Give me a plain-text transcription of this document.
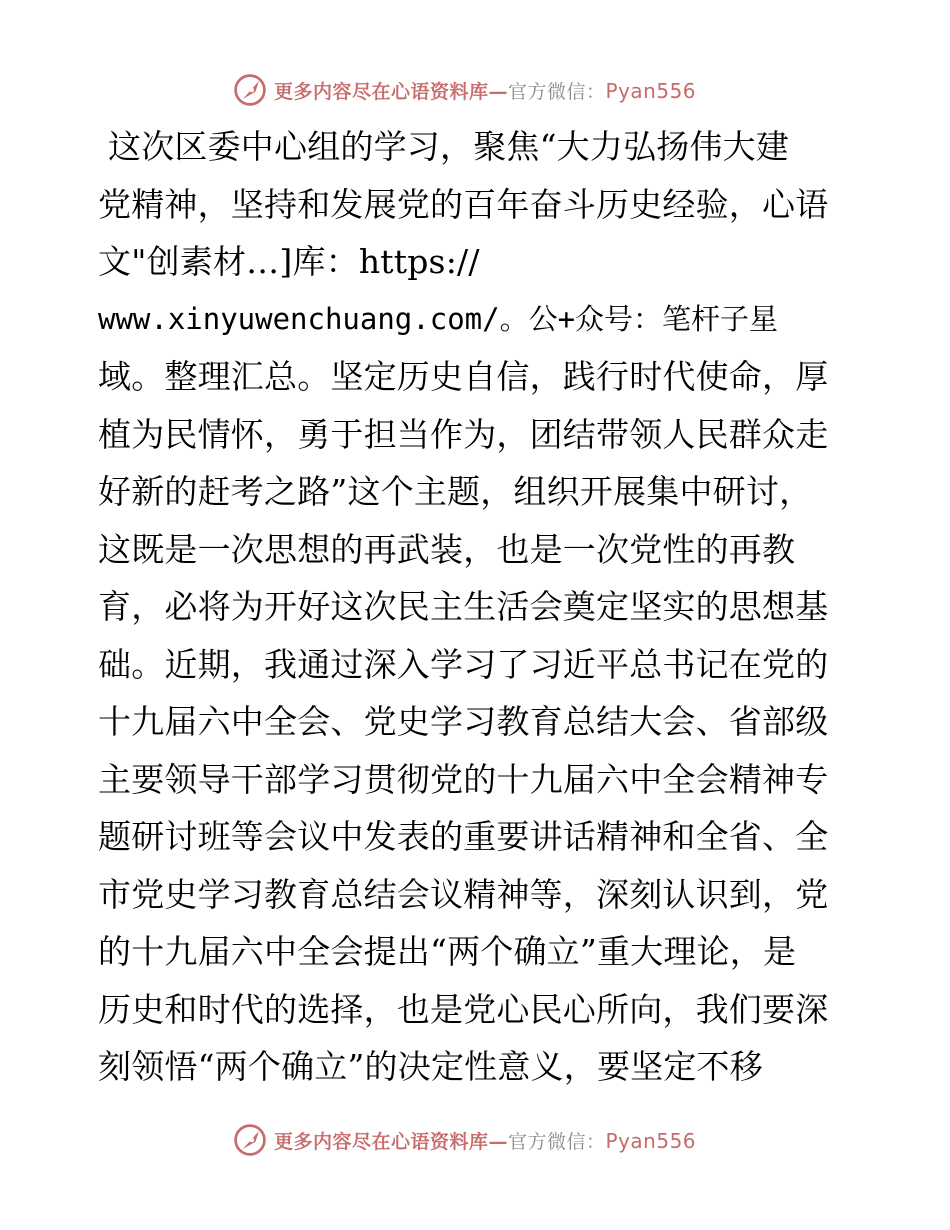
更多内容尽在心语资料库—官方微信：Pyan556
这次区委中心组的学习，聚焦“大力弘扬伟大建
党精神，坚持和发展党的百年奋斗历史经验，心语
文"创素材…]库：https://
www.xinyuwenchuang.com/。公+众号：笔杆子星
域。整理汇总。坚定历史自信，践行时代使命，厚
植为民情怀，勇于担当作为，团结带领人民群众走
好新的赶考之路”这个主题，组织开展集中研讨，
这既是一次思想的再武装，也是一次党性的再教
育，必将为开好这次民主生活会奠定坚实的思想基
础。近期，我通过深入学习了习近平总书记在党的
十九届六中全会、党史学习教育总结大会、省部级
主要领导干部学习贯彻党的十九届六中全会精神专
题研讨班等会议中发表的重要讲话精神和全省、全
市党史学习教育总结会议精神等，深刻认识到，党
的十九届六中全会提出“两个确立”重大理论，是
历史和时代的选择，也是党心民心所向，我们要深
刻领悟“两个确立”的决定性意义，要坚定不移
更多内容尽在心语资料库—官方微信：Pyan556
